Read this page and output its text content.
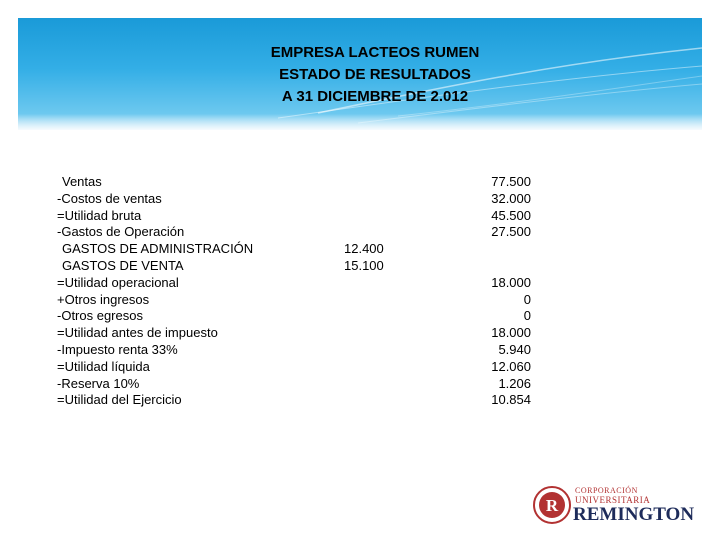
EMPRESA LACTEOS RUMEN
ESTADO DE RESULTADOS
A 31 DICIEMBRE DE 2.012
Ventas
-Costos de ventas
=Utilidad bruta
-Gastos de Operación
GASTOS DE ADMINISTRACIÓN
GASTOS DE VENTA
=Utilidad operacional
+Otros ingresos
-Otros egresos
=Utilidad antes de impuesto
-Impuesto renta 33%
=Utilidad líquida
-Reserva 10%
=Utilidad del Ejercicio
12.400
15.100
77.500
32.000
45.500
27.500
18.000
0
0
18.000
5.940
12.060
1.206
10.854
R
CORPORACIÓN
UNIVERSITARIA
REMINGTON
